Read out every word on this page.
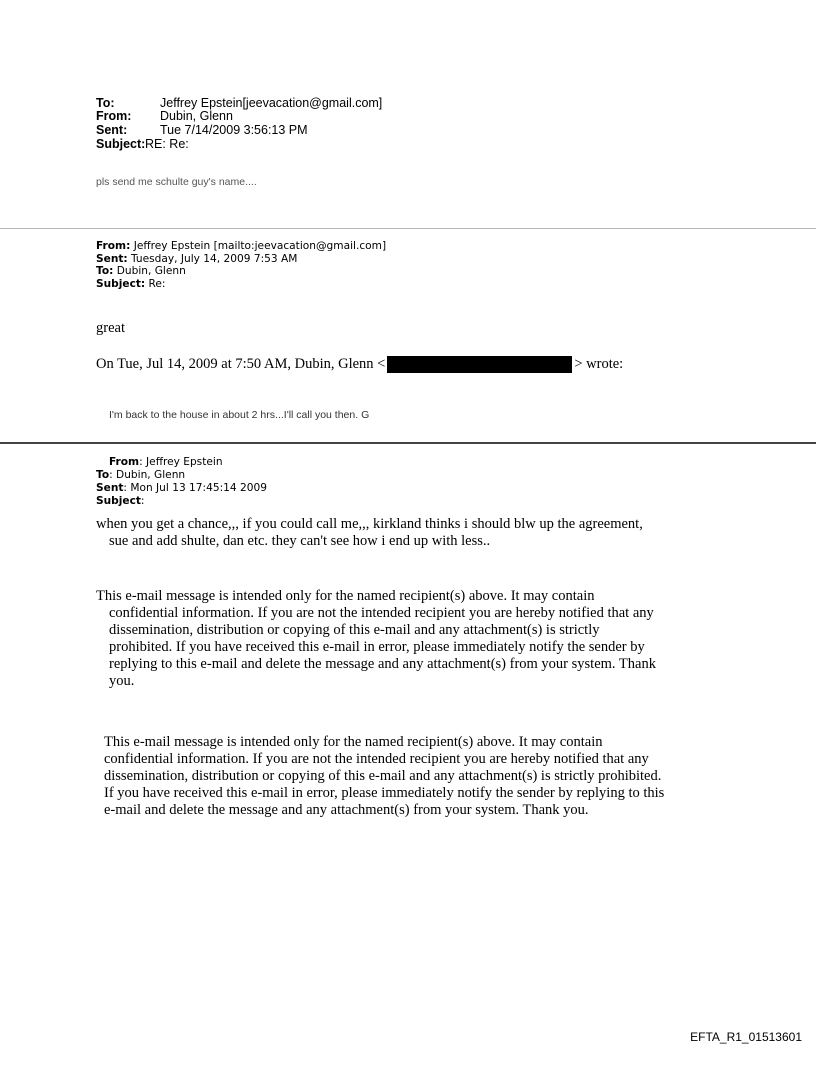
To:	Jeffrey Epstein[jeevacation@gmail.com]
From: Dubin, Glenn
Sent:	Tue 7/14/2009 3:56:13 PM
Subject:RE: Re:
pls send me schulte guy's name....
From: Jeffrey Epstein [mailto:jeevacation@gmail.com]
Sent: Tuesday, July 14, 2009 7:53 AM
To: Dubin, Glenn
Subject: Re:
great
On Tue, Jul 14, 2009 at 7:50 AM, Dubin, Glenn <	> wrote:
I'm back to the house in about 2 hrs...I'll call you then. G
From: Jeffrey Epstein
To: Dubin, Glenn
Sent: Mon Jul 13 17:45:14 2009
Subject:
when you get a chance,,, if you could call me,,, kirkland thinks i should blw up the agreement,
sue and add shulte, dan etc. they can't see how i end up with less..
This e-mail message is intended only for the named recipient(s) above. It may contain
confidential information. If you are not the intended recipient you are hereby notified that any
dissemination, distribution or copying of this e-mail and any attachment(s) is strictly
prohibited. If you have received this e-mail in error, please immediately notify the sender by
replying to this e-mail and delete the message and any attachment(s) from your system. Thank
you.
This e-mail message is intended only for the named recipient(s) above. It may contain
confidential information. If you are not the intended recipient you are hereby notified that any
dissemination, distribution or copying of this e-mail and any attachment(s) is strictly prohibited.
If you have received this e-mail in error, please immediately notify the sender by replying to this
e-mail and delete the message and any attachment(s) from your system. Thank you.
EFTA_R1_01513601
